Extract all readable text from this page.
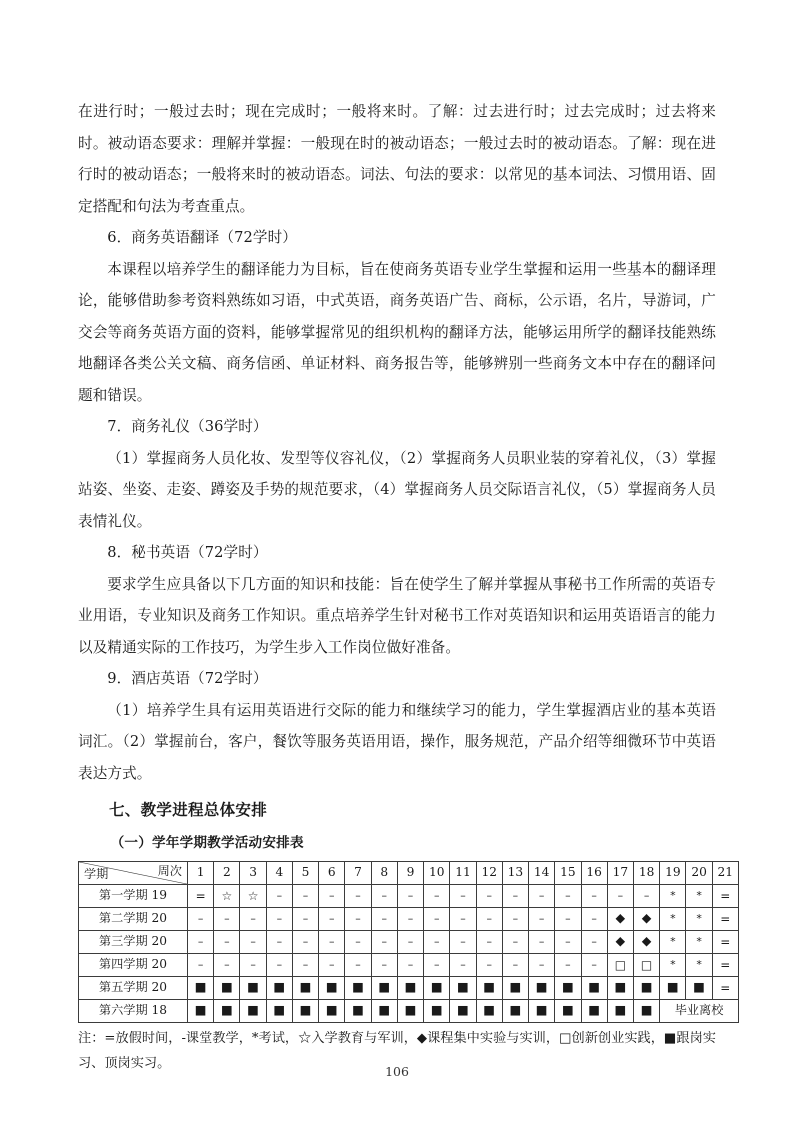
在进行时；一般过去时；现在完成时；一般将来时。了解：过去进行时；过去完成时；过去将来时。被动语态要求：理解并掌握：一般现在时的被动语态；一般过去时的被动语态。了解：现在进行时的被动语态；一般将来时的被动语态。词法、句法的要求：以常见的基本词法、习惯用语、固定搭配和句法为考查重点。

6．商务英语翻译（72学时）

本课程以培养学生的翻译能力为目标，旨在使商务英语专业学生掌握和运用一些基本的翻译理论，能够借助参考资料熟练如习语，中式英语，商务英语广告、商标，公示语，名片，导游词，广交会等商务英语方面的资料，能够掌握常见的组织机构的翻译方法，能够运用所学的翻译技能熟练地翻译各类公关文稿、商务信函、单证材料、商务报告等，能够辨别一些商务文本中存在的翻译问题和错误。

7．商务礼仪（36学时）

（1）掌握商务人员化妆、发型等仪容礼仪，（2）掌握商务人员职业装的穿着礼仪，（3）掌握站姿、坐姿、走姿、蹲姿及手势的规范要求，（4）掌握商务人员交际语言礼仪，（5）掌握商务人员表情礼仪。

8．秘书英语（72学时）

要求学生应具备以下几方面的知识和技能：旨在使学生了解并掌握从事秘书工作所需的英语专业用语，专业知识及商务工作知识。重点培养学生针对秘书工作对英语知识和运用英语语言的能力以及精通实际的工作技巧，为学生步入工作岗位做好准备。

9．酒店英语（72学时）

（1）培养学生具有运用英语进行交际的能力和继续学习的能力，学生掌握酒店业的基本英语词汇。（2）掌握前台，客户，餐饮等服务英语用语，操作，服务规范，产品介绍等细微环节中英语表达方式。

七、教学进程总体安排
（一）学年学期教学活动安排表
周次
学期	1	2	3	4	5	6	7	8	9	10	11	12	13	14	15	16	17	18	19	20	21
第一学期 19	=	☆	☆	–	–	–	–	–	–	–	–	–	–	–	–	–	–	–	*	*	=
第二学期 20	–	–	–	–	–	–	–	–	–	–	–	–	–	–	–	–	◆	◆	*	*	=
第三学期 20	–	–	–	–	–	–	–	–	–	–	–	–	–	–	–	–	◆	◆	*	*	=
第四学期 20	–	–	–	–	–	–	–	–	–	–	–	–	–	–	–	–	□	□	*	*	=
第五学期 20	■	■	■	■	■	■	■	■	■	■	■	■	■	■	■	■	■	■	■	■	=
第六学期 18	■	■	■	■	■	■	■	■	■	■	■	■	■	■	■	■	■	■	毕业离校		

注：=放假时间，-课堂教学，*考试，☆入学教育与军训，◆课程集中实验与实训，□创新创业实践，■跟岗实习、顶岗实习。

106
